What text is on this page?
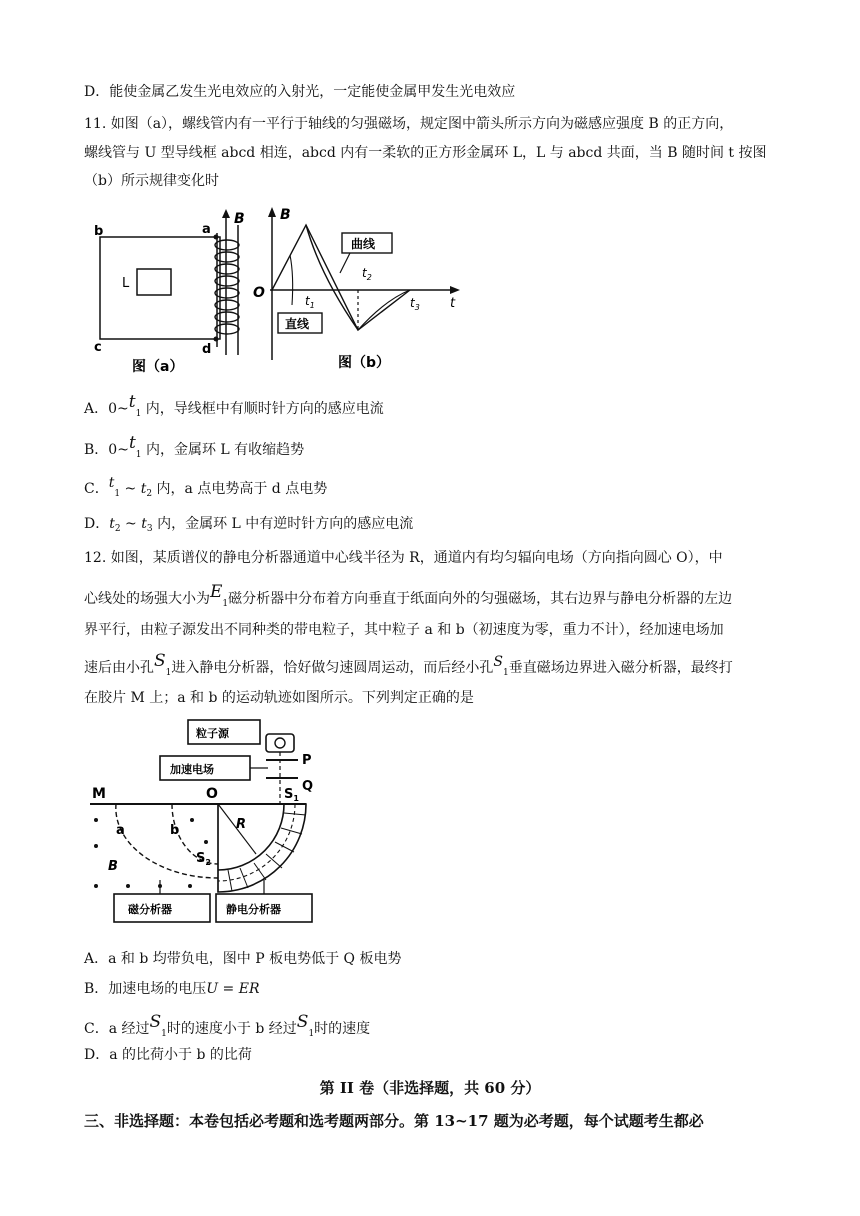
D．能使金属乙发生光电效应的入射光，一定能使金属甲发生光电效应
11. 如图（a），螺线管内有一平行于轴线的匀强磁场，规定图中箭头所示方向为磁感应强度 B 的正方向，
螺线管与 U 型导线框 abcd 相连，abcd 内有一柔软的正方形金属环 L，L 与 abcd 共面，当 B 随时间 t 按图
（b）所示规律变化时
b	a
c	d
L
B
图（a）
曲线
直线
B
O
t
$t_1$
$t_2$
$t_3$
图（b）
A．$0\sim t_1$ 内，导线框中有顺时针方向的感应电流
B．$0\sim t_1$ 内，金属环 L 有收缩趋势
C．$t_1$ ~ $t_2$ 内，a 点电势高于 d 点电势
D．$t_2$ ~ $t_3$ 内，金属环 L 中有逆时针方向的感应电流
12. 如图，某质谱仪的静电分析器通道中心线半径为 R，通道内有均匀辐向电场（方向指向圆心 O），中
心线处的场强大小为$E_1$磁分析器中分布着方向垂直于纸面向外的匀强磁场，其右边界与静电分析器的左边
界平行，由粒子源发出不同种类的带电粒子，其中粒子 a 和 b（初速度为零，重力不计），经加速电场加
速后由小孔$S_1$进入静电分析器，恰好做匀速圆周运动，而后经小孔$S_1$垂直磁场边界进入磁分析器，最终打
在胶片 M 上；a 和 b 的运动轨迹如图所示。下列判定正确的是
粒子源
加速电场
P
Q
M	O	$S_1$
R
a	b
$S_2$
B
磁分析器	静电分析器
A．a 和 b 均带负电，图中 P 板电势低于 Q 板电势
B．加速电场的电压U = ER
C．a 经过$S_1$时的速度小于 b 经过$S_1$时的速度
D．a 的比荷小于 b 的比荷
第 II 卷（非选择题，共 60 分）
三、非选择题：本卷包括必考题和选考题两部分。第 13~17 题为必考题，每个试题考生都必
